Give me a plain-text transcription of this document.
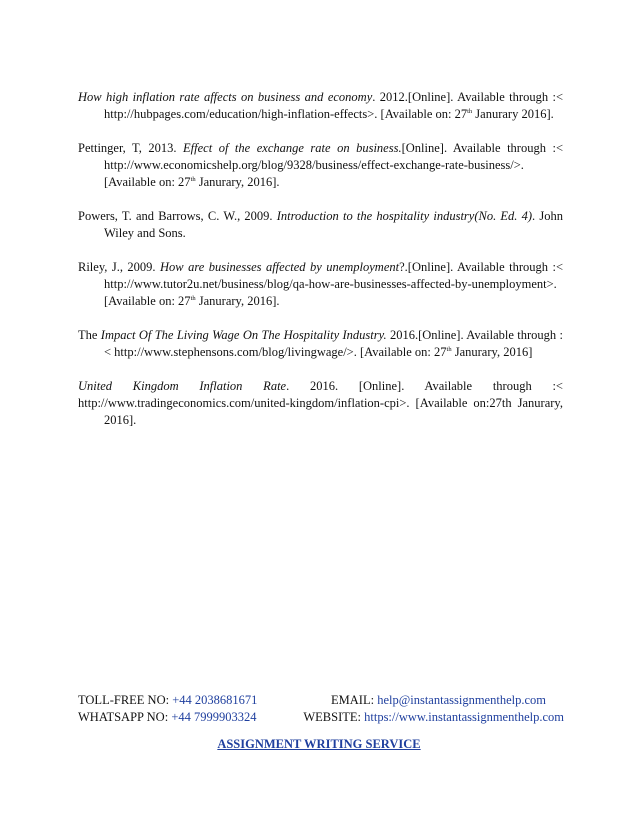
How high inflation rate affects on business and economy. 2012.[Online]. Available through :< http://hubpages.com/education/high-inflation-effects>. [Available on: 27th Janurary 2016].

Pettinger, T, 2013. Effect of the exchange rate on business.[Online]. Available through :< http://www.economicshelp.org/blog/9328/business/effect-exchange-rate-business/>. [Available on: 27th Janurary, 2016].

Powers, T. and Barrows, C. W., 2009. Introduction to the hospitality industry(No. Ed. 4). John Wiley and Sons.

Riley, J., 2009. How are businesses affected by unemployment?.[Online]. Available through :< http://www.tutor2u.net/business/blog/qa-how-are-businesses-affected-by-unemployment>. [Available on: 27th Janurary, 2016].

The Impact Of The Living Wage On The Hospitality Industry. 2016.[Online]. Available through :< http://www.stephensons.com/blog/livingwage/>. [Available on: 27th Janurary, 2016]

United Kingdom Inflation Rate. 2016. [Online]. Available through :<
http://www.tradingeconomics.com/united-kingdom/inflation-cpi>. [Available on:27th Janurary, 2016].

TOLL-FREE NO: +44 2038681671	EMAIL: help@instantassignmenthelp.com
WHATSAPP NO: +44 7999903324	WEBSITE: https://www.instantassignmenthelp.com
ASSIGNMENT WRITING SERVICE
